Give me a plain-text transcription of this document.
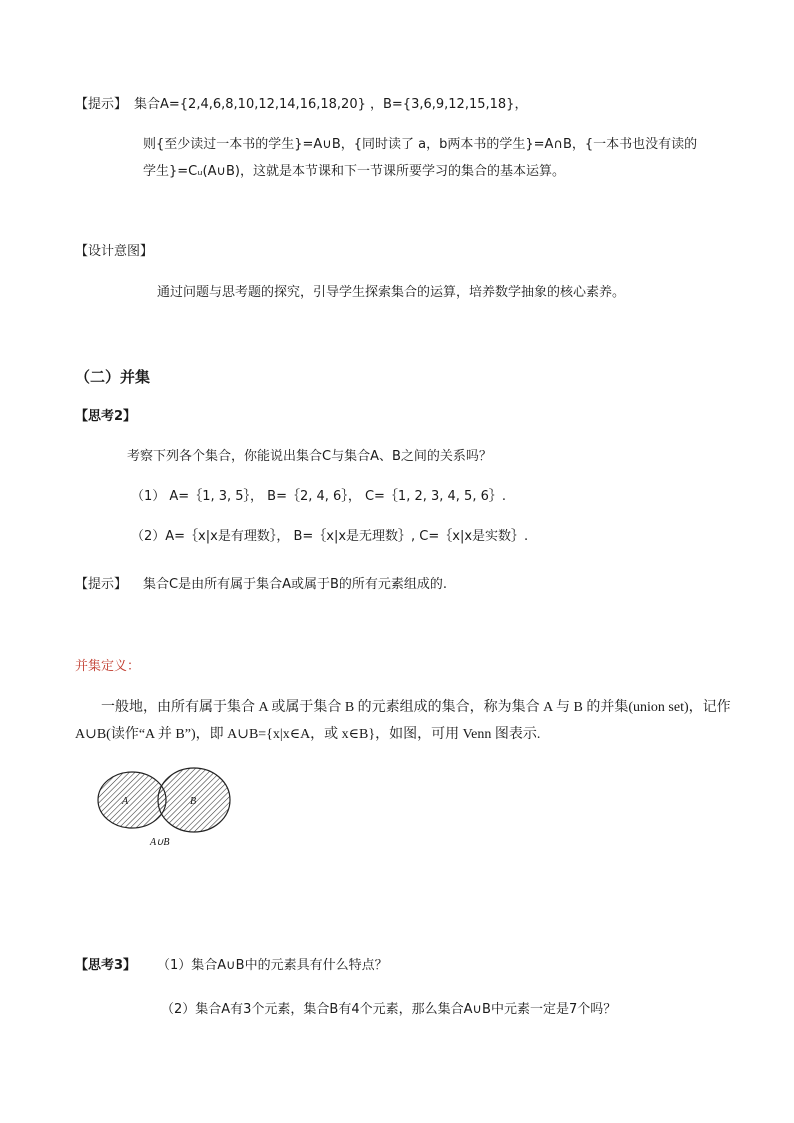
【提示】 集合A={2,4,6,8,10,12,14,16,18,20} ，B={3,6,9,12,15,18}，
则{至少读过一本书的学生}=A∪B，{同时读了 a，b两本书的学生}=A∩B，{一本书也没有读的
学生}=Cᵤ(A∪B)，这就是本节课和下一节课所要学习的集合的基本运算。
【设计意图】
通过问题与思考题的探究，引导学生探索集合的运算，培养数学抽象的核心素养。
（二）并集
【思考2】
考察下列各个集合，你能说出集合C与集合A、B之间的关系吗？
（1） A=｛1, 3, 5｝， B=｛2, 4, 6｝， C=｛1, 2, 3, 4, 5, 6｝.
（2）A=｛x|x是有理数｝， B=｛x|x是无理数｝, C=｛x|x是实数｝.
【提示】 集合C是由所有属于集合A或属于B的所有元素组成的.
并集定义：
一般地，由所有属于集合 A 或属于集合 B 的元素组成的集合，称为集合 A 与 B 的并集(union set)，记作
A∪B(读作“A 并 B”)，即 A∪B={x|x∈A，或 x∈B}，如图，可用 Venn 图表示.
A	B
A∪B
【思考3】 （1）集合A∪B中的元素具有什么特点？
（2）集合A有3个元素，集合B有4个元素，那么集合A∪B中元素一定是7个吗？
